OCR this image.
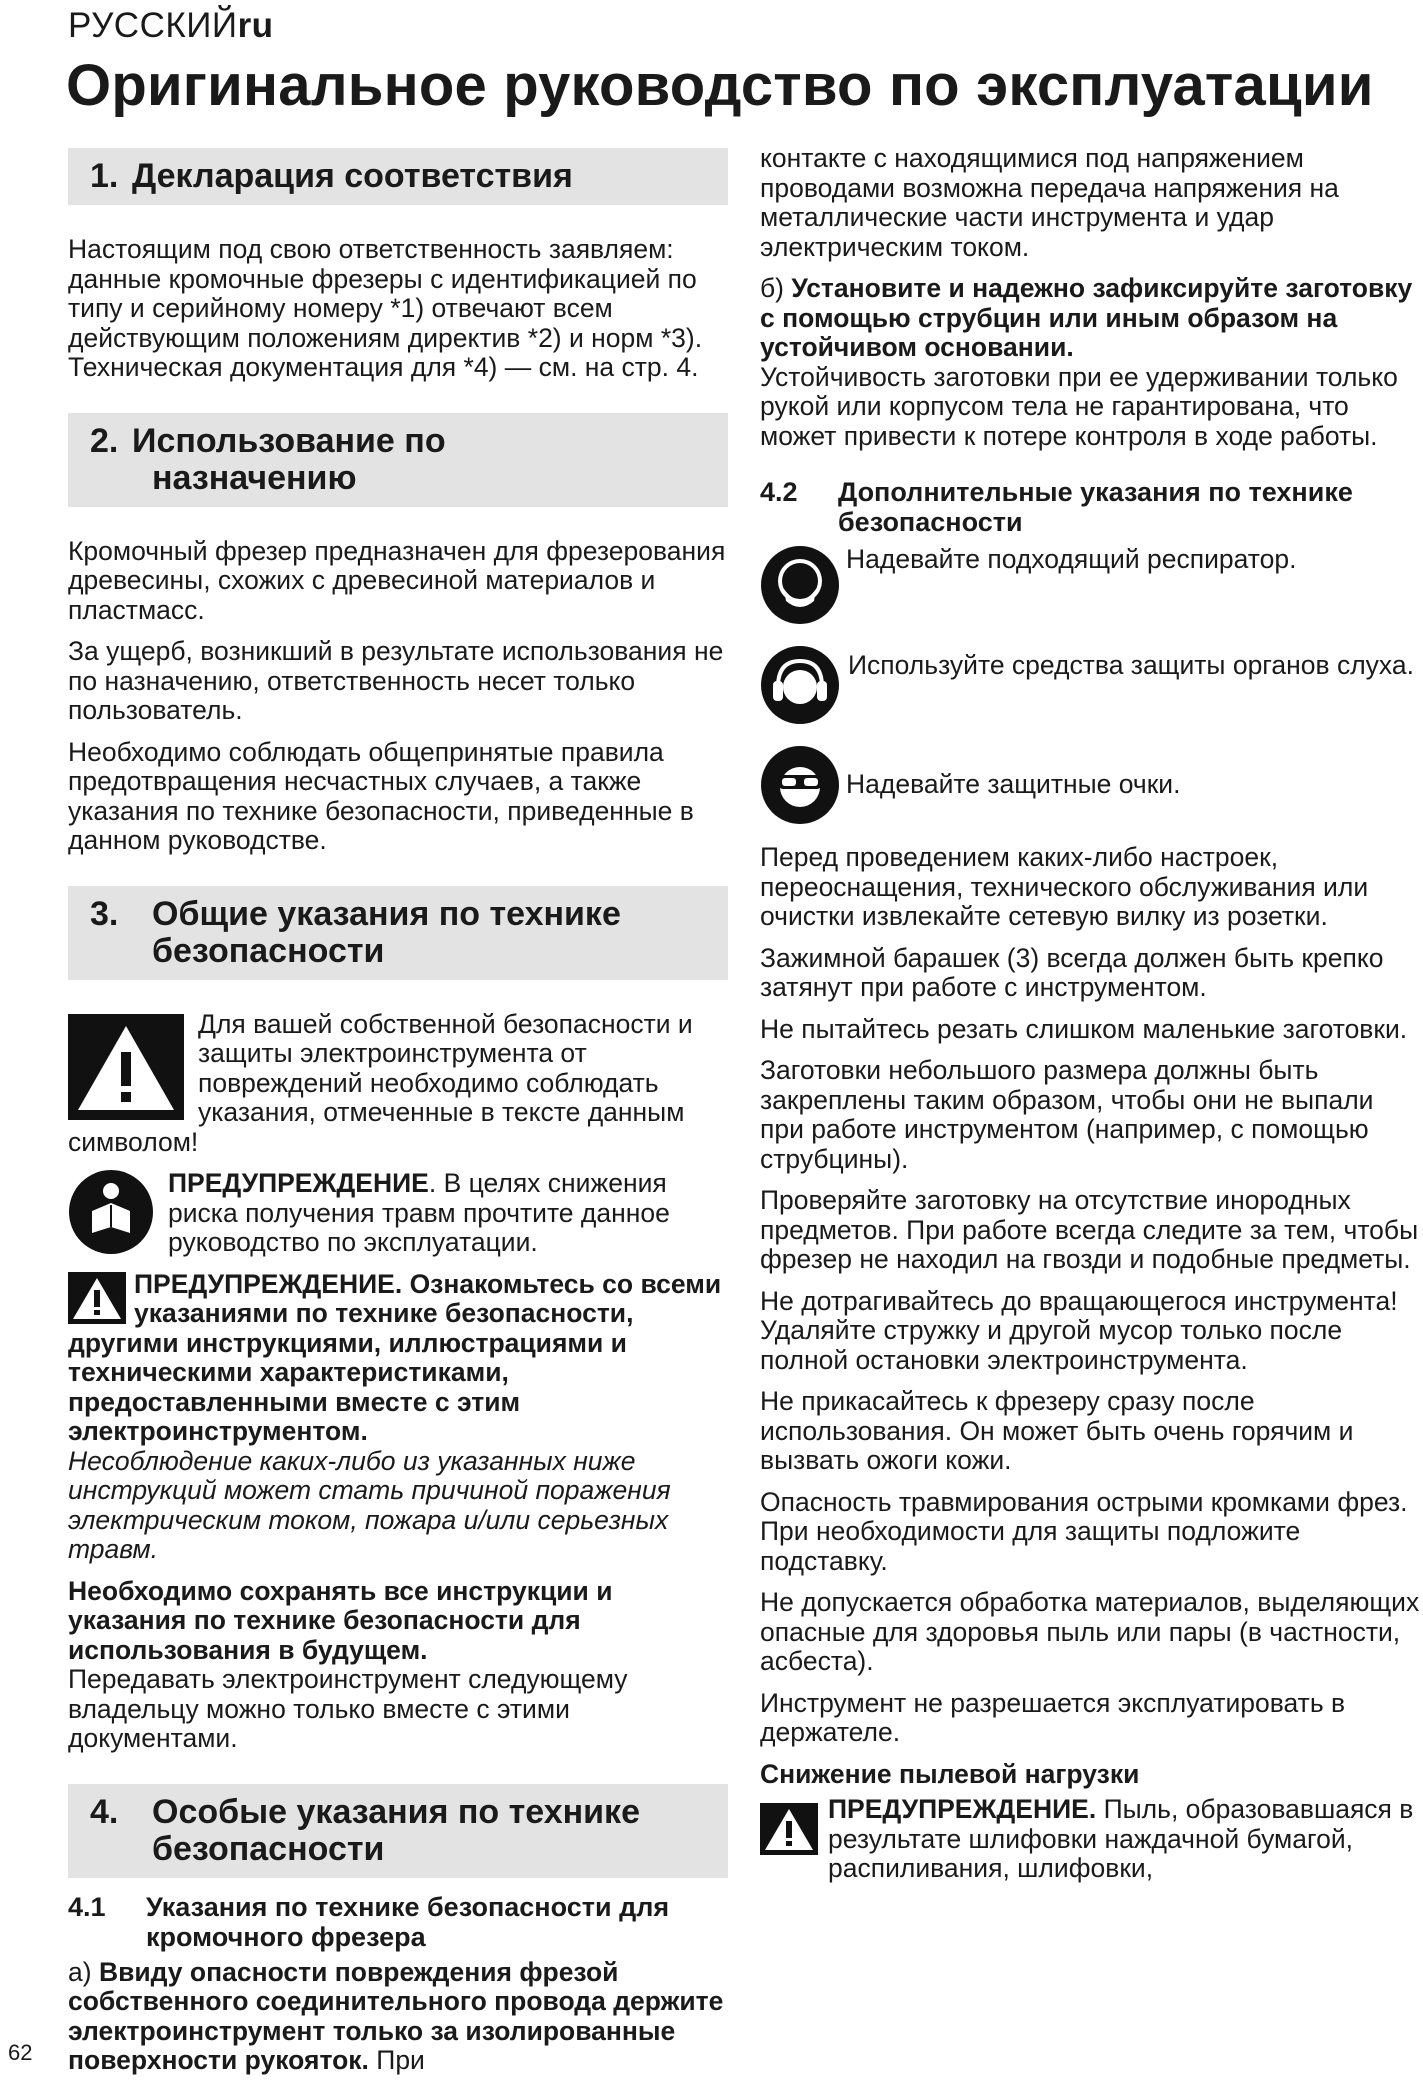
РУССКИЙru
Оригинальное руководство по эксплуатации
1. Декларация соответствия

Настоящим под свою ответственность заявляем: данные кромочные фрезеры с идентификацией по типу и серийному номеру *1) отвечают всем действующим положениям директив *2) и норм *3). Техническая документация для *4) — см. на стр. 4.

2. Использование по
назначению

Кромочный фрезер предназначен для фрезерования древесины, схожих с древесиной материалов и пластмасс.

За ущерб, возникший в результате использования не по назначению, ответственность несет только пользователь.

Необходимо соблюдать общепринятые правила предотвращения несчастных случаев, а также указания по технике безопасности, приведенные в данном руководстве.

3. Общие указания по технике безопасности

Для вашей собственной безопасности и защиты электроинструмента от повреждений необходимо соблюдать указания, отмеченные в тексте данным символом!

ПРЕДУПРЕЖДЕНИЕ. В целях снижения риска получения травм прочтите данное руководство по эксплуатации.

ПРЕДУПРЕЖДЕНИЕ. Ознакомьтесь со всеми указаниями по технике безопасности, другими инструкциями, иллюстрациями и техническими характеристиками, предоставленными вместе с этим электроинструментом.

Несоблюдение каких-либо из указанных ниже инструкций может стать причиной поражения электрическим током, пожара и/или серьезных травм.

Необходимо сохранять все инструкции и указания по технике безопасности для использования в будущем.

Передавать электроинструмент следующему владельцу можно только вместе с этими документами.

4. Особые указания по технике безопасности
4.1	Указания по технике безопасности для кромочного фрезера

а) Ввиду опасности повреждения фрезой собственного соединительного провода держите электроинструмент только за изолированные поверхности рукояток. При

контакте с находящимися под напряжением проводами возможна передача напряжения на металлические части инструмента и удар электрическим током.

б) Установите и надежно зафиксируйте заготовку с помощью струбцин или иным образом на устойчивом основании.

Устойчивость заготовки при ее удерживании только рукой или корпусом тела не гарантирована, что может привести к потере контроля в ходе работы.

4.2	Дополнительные указания по технике безопасности
Надевайте подходящий респиратор.
Используйте средства защиты органов слуха.
Надевайте защитные очки.

Перед проведением каких-либо настроек, переоснащения, технического обслуживания или очистки извлекайте сетевую вилку из розетки.

Зажимной барашек (3) всегда должен быть крепко затянут при работе с инструментом.

Не пытайтесь резать слишком маленькие заготовки.

Заготовки небольшого размера должны быть закреплены таким образом, чтобы они не выпали при работе инструментом (например, с помощью струбцины).

Проверяйте заготовку на отсутствие инородных предметов. При работе всегда следите за тем, чтобы фрезер не находил на гвозди и подобные предметы.

Не дотрагивайтесь до вращающегося инструмента! Удаляйте стружку и другой мусор только после полной остановки электроинструмента.

Не прикасайтесь к фрезеру сразу после использования. Он может быть очень горячим и вызвать ожоги кожи.

Опасность травмирования острыми кромками фрез. При необходимости для защиты подложите подставку.

Не допускается обработка материалов, выделяющих опасные для здоровья пыль или пары (в частности, асбеста).

Инструмент не разрешается эксплуатировать в держателе.

Снижение пылевой нагрузки

ПРЕДУПРЕЖДЕНИЕ. Пыль, образовавшаяся в результате шлифовки наждачной бумагой, распиливания, шлифовки,

62
